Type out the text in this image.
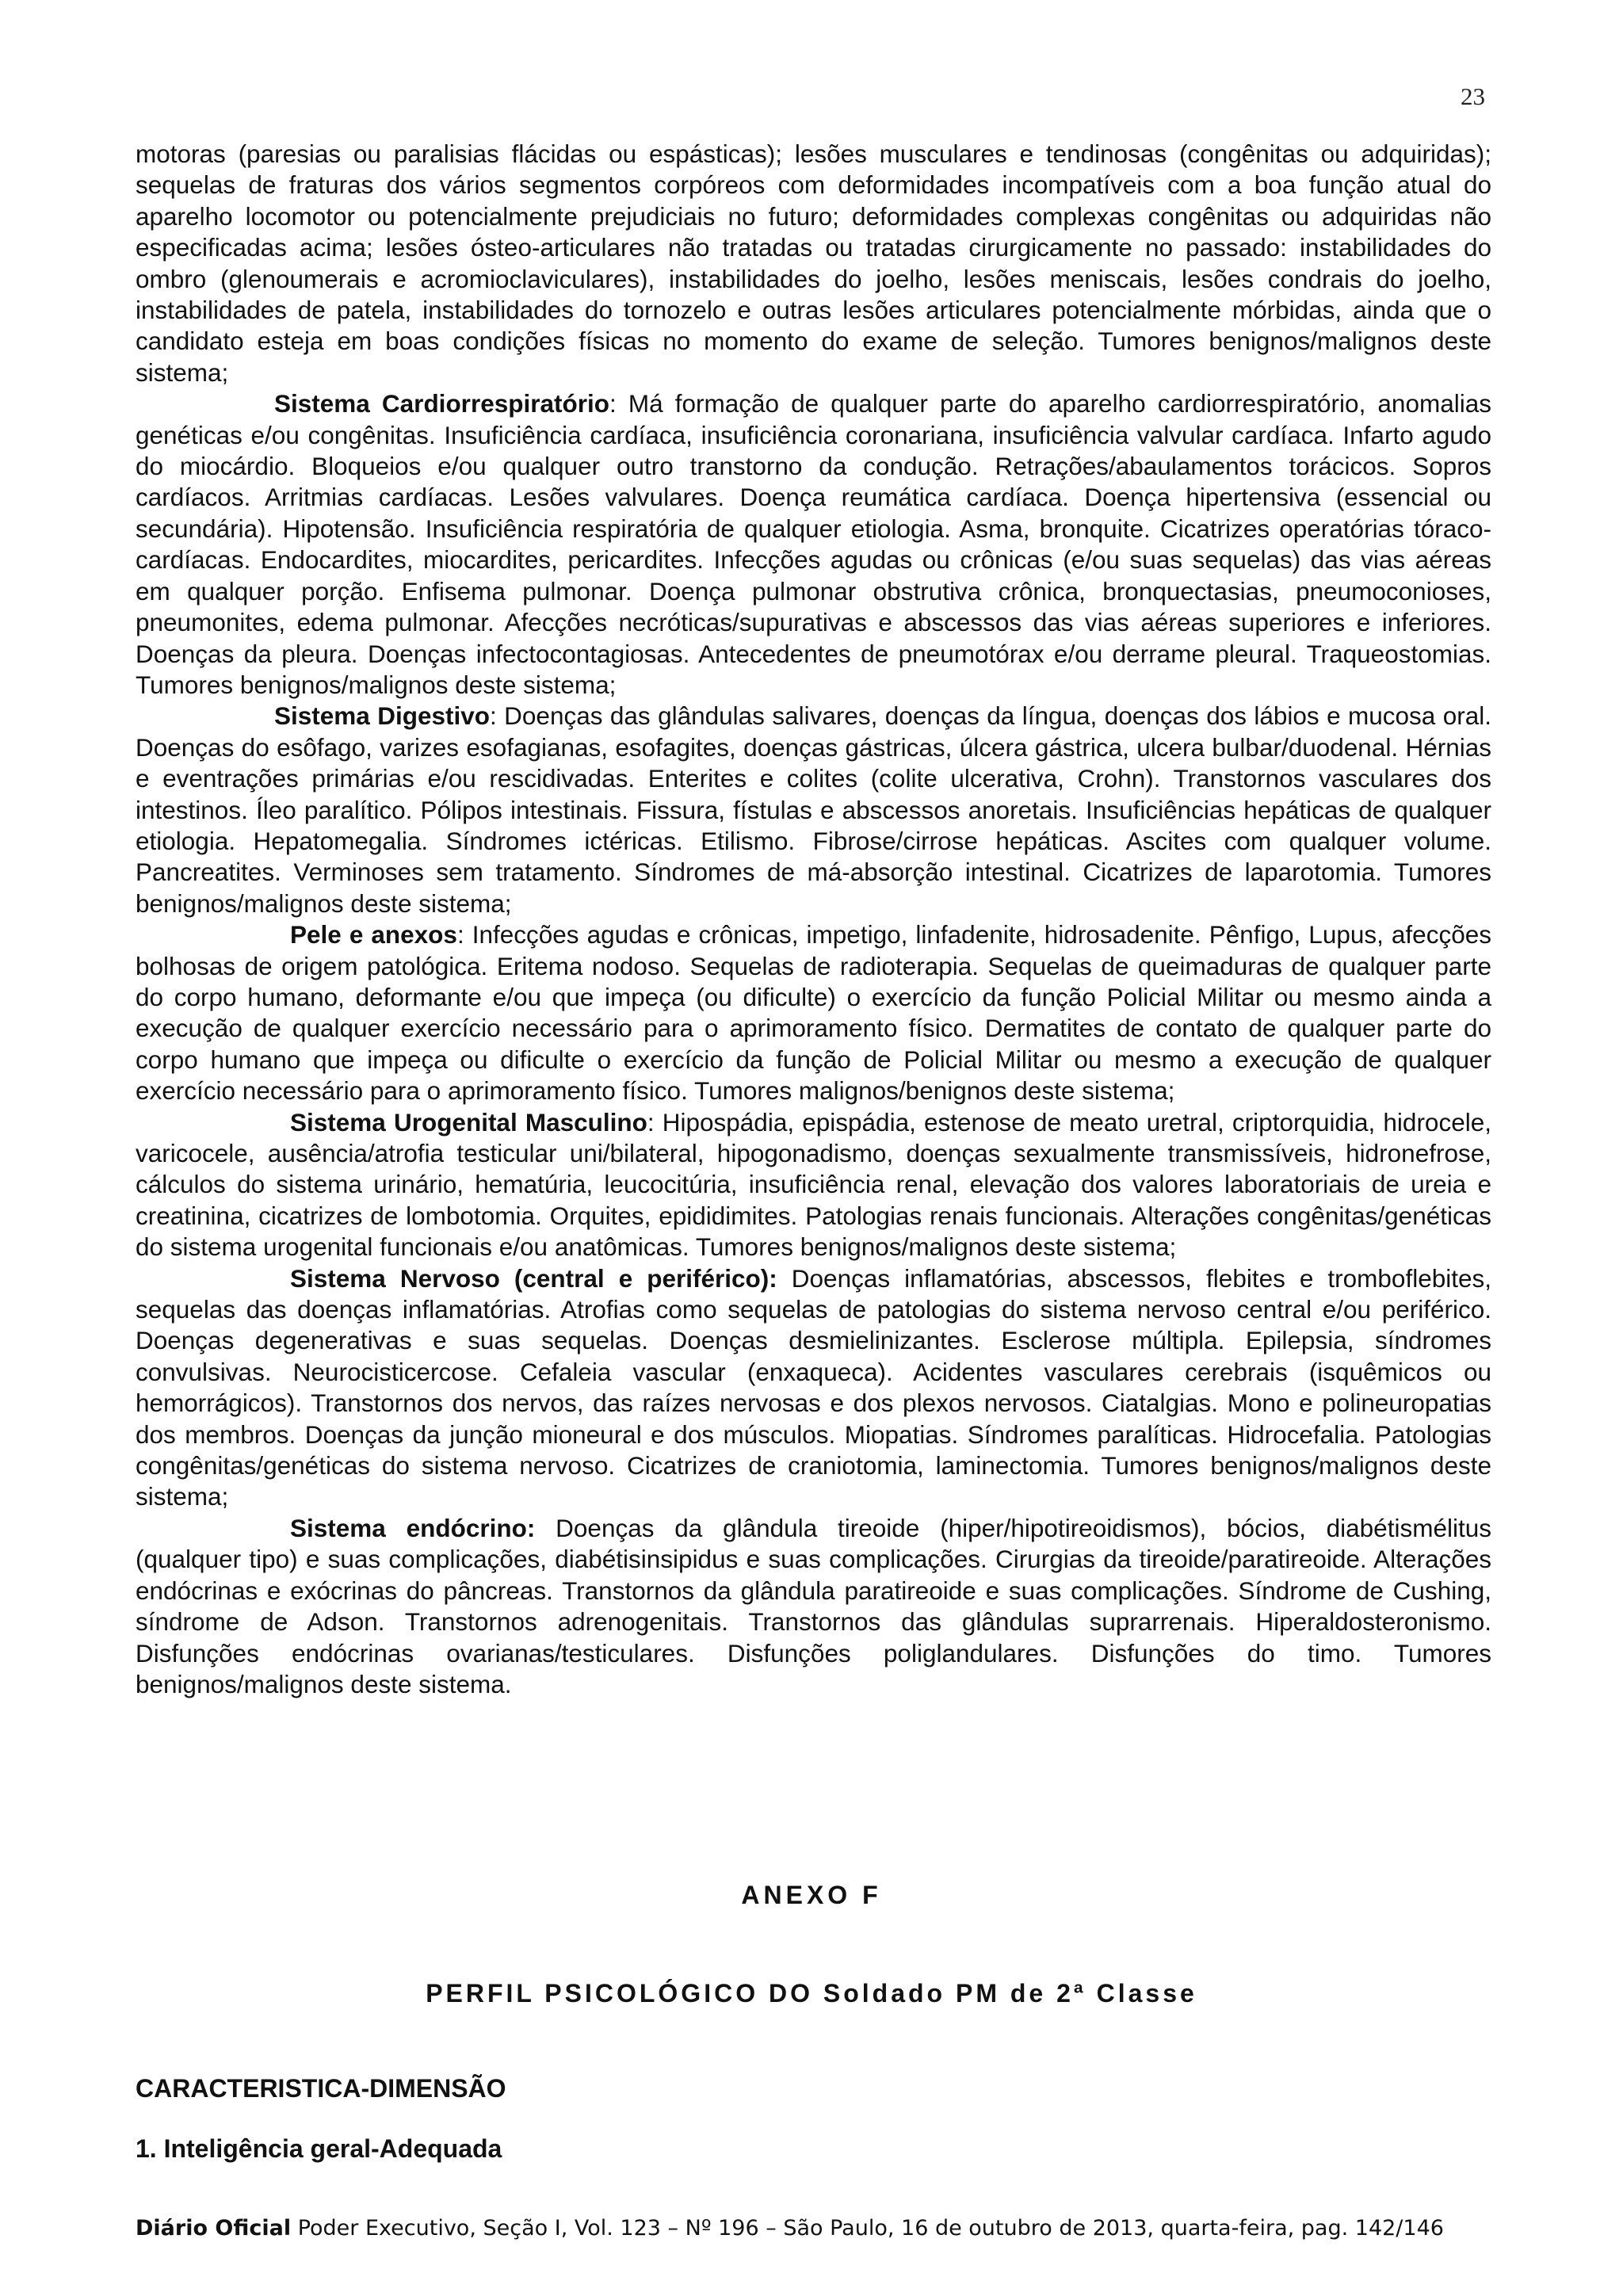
23

motoras (paresias ou paralisias flácidas ou espásticas); lesões musculares e tendinosas (congênitas ou adquiridas); sequelas de fraturas dos vários segmentos corpóreos com deformidades incompatíveis com a boa função atual do aparelho locomotor ou potencialmente prejudiciais no futuro; deformidades complexas congênitas ou adquiridas não especificadas acima; lesões ósteo-articulares não tratadas ou tratadas cirurgicamente no passado: instabilidades do ombro (glenoumerais e acromioclaviculares), instabilidades do joelho, lesões meniscais, lesões condrais do joelho, instabilidades de patela, instabilidades do tornozelo e outras lesões articulares potencialmente mórbidas, ainda que o candidato esteja em boas condições físicas no momento do exame de seleção. Tumores benignos/malignos deste sistema;

Sistema Cardiorrespiratório: Má formação de qualquer parte do aparelho cardiorrespiratório, anomalias genéticas e/ou congênitas. Insuficiência cardíaca, insuficiência coronariana, insuficiência valvular cardíaca. Infarto agudo do miocárdio. Bloqueios e/ou qualquer outro transtorno da condução. Retrações/abaulamentos torácicos. Sopros cardíacos. Arritmias cardíacas. Lesões valvulares. Doença reumática cardíaca. Doença hipertensiva (essencial ou secundária). Hipotensão. Insuficiência respiratória de qualquer etiologia. Asma, bronquite. Cicatrizes operatórias tóraco-cardíacas. Endocardites, miocardites, pericardites. Infecções agudas ou crônicas (e/ou suas sequelas) das vias aéreas em qualquer porção. Enfisema pulmonar. Doença pulmonar obstrutiva crônica, bronquectasias, pneumoconioses, pneumonites, edema pulmonar. Afecções necróticas/supurativas e abscessos das vias aéreas superiores e inferiores. Doenças da pleura. Doenças infectocontagiosas. Antecedentes de pneumotórax e/ou derrame pleural. Traqueostomias. Tumores benignos/malignos deste sistema;

Sistema Digestivo: Doenças das glândulas salivares, doenças da língua, doenças dos lábios e mucosa oral. Doenças do esôfago, varizes esofagianas, esofagites, doenças gástricas, úlcera gástrica, ulcera bulbar/duodenal. Hérnias e eventrações primárias e/ou rescidivadas. Enterites e colites (colite ulcerativa, Crohn). Transtornos vasculares dos intestinos. Íleo paralítico. Pólipos intestinais. Fissura, fístulas e abscessos anoretais. Insuficiências hepáticas de qualquer etiologia. Hepatomegalia. Síndromes ictéricas. Etilismo. Fibrose/cirrose hepáticas. Ascites com qualquer volume. Pancreatites. Verminoses sem tratamento. Síndromes de má-absorção intestinal. Cicatrizes de laparotomia. Tumores benignos/malignos deste sistema;

Pele e anexos: Infecções agudas e crônicas, impetigo, linfadenite, hidrosadenite. Pênfigo, Lupus, afecções bolhosas de origem patológica. Eritema nodoso. Sequelas de radioterapia. Sequelas de queimaduras de qualquer parte do corpo humano, deformante e/ou que impeça (ou dificulte) o exercício da função Policial Militar ou mesmo ainda a execução de qualquer exercício necessário para o aprimoramento físico. Dermatites de contato de qualquer parte do corpo humano que impeça ou dificulte o exercício da função de Policial Militar ou mesmo a execução de qualquer exercício necessário para o aprimoramento físico. Tumores malignos/benignos deste sistema;

Sistema Urogenital Masculino: Hipospádia, epispádia, estenose de meato uretral, criptorquidia, hidrocele, varicocele, ausência/atrofia testicular uni/bilateral, hipogonadismo, doenças sexualmente transmissíveis, hidronefrose, cálculos do sistema urinário, hematúria, leucocitúria, insuficiência renal, elevação dos valores laboratoriais de ureia e creatinina, cicatrizes de lombotomia. Orquites, epididimites. Patologias renais funcionais. Alterações congênitas/genéticas do sistema urogenital funcionais e/ou anatômicas. Tumores benignos/malignos deste sistema;

Sistema Nervoso (central e periférico): Doenças inflamatórias, abscessos, flebites e tromboflebites, sequelas das doenças inflamatórias. Atrofias como sequelas de patologias do sistema nervoso central e/ou periférico. Doenças degenerativas e suas sequelas. Doenças desmielinizantes. Esclerose múltipla. Epilepsia, síndromes convulsivas. Neurocisticercose. Cefaleia vascular (enxaqueca). Acidentes vasculares cerebrais (isquêmicos ou hemorrágicos). Transtornos dos nervos, das raízes nervosas e dos plexos nervosos. Ciatalgias. Mono e polineuropatias dos membros. Doenças da junção mioneural e dos músculos. Miopatias. Síndromes paralíticas. Hidrocefalia. Patologias congênitas/genéticas do sistema nervoso. Cicatrizes de craniotomia, laminectomia. Tumores benignos/malignos deste sistema;

Sistema endócrino: Doenças da glândula tireoide (hiper/hipotireoidismos), bócios, diabétismélitus (qualquer tipo) e suas complicações, diabétisinsipidus e suas complicações. Cirurgias da tireoide/paratireoide. Alterações endócrinas e exócrinas do pâncreas. Transtornos da glândula paratireoide e suas complicações. Síndrome de Cushing, síndrome de Adson. Transtornos adrenogenitais. Transtornos das glândulas suprarrenais. Hiperaldosteronismo. Disfunções endócrinas ovarianas/testiculares. Disfunções poliglandulares. Disfunções do timo. Tumores benignos/malignos deste sistema.

ANEXO F
PERFIL PSICOLÓGICO DO Soldado PM de 2ª Classe
CARACTERISTICA-DIMENSÃO
1. Inteligência geral-Adequada
Diário Oficial Poder Executivo, Seção I, Vol. 123 – Nº 196 – São Paulo, 16 de outubro de 2013, quarta-feira, pag. 142/146
